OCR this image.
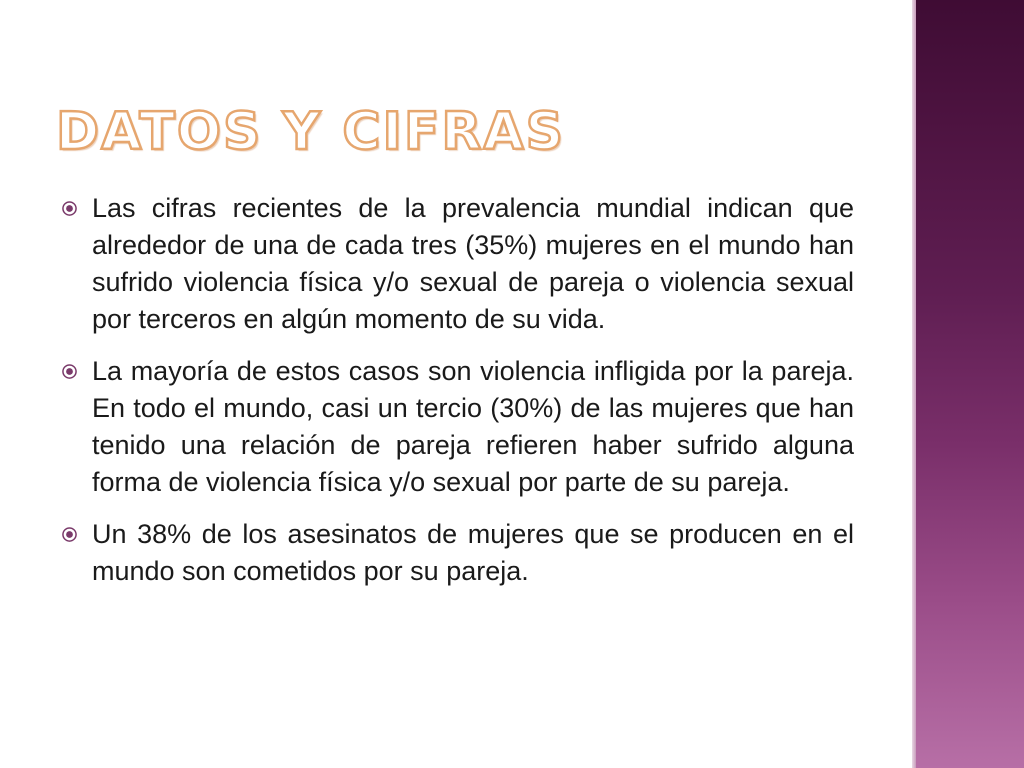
DATOS Y CIFRAS

Las cifras recientes de la prevalencia mundial indican que alrededor de una de cada tres (35%) mujeres en el mundo han sufrido violencia física y/o sexual de pareja o violencia sexual por terceros en algún momento de su vida.

La mayoría de estos casos son violencia infligida por la pareja. En todo el mundo, casi un tercio (30%) de las mujeres que han tenido una relación de pareja refieren haber sufrido alguna forma de violencia física y/o sexual por parte de su pareja.

Un 38% de los asesinatos de mujeres que se producen en el mundo son cometidos por su pareja.
